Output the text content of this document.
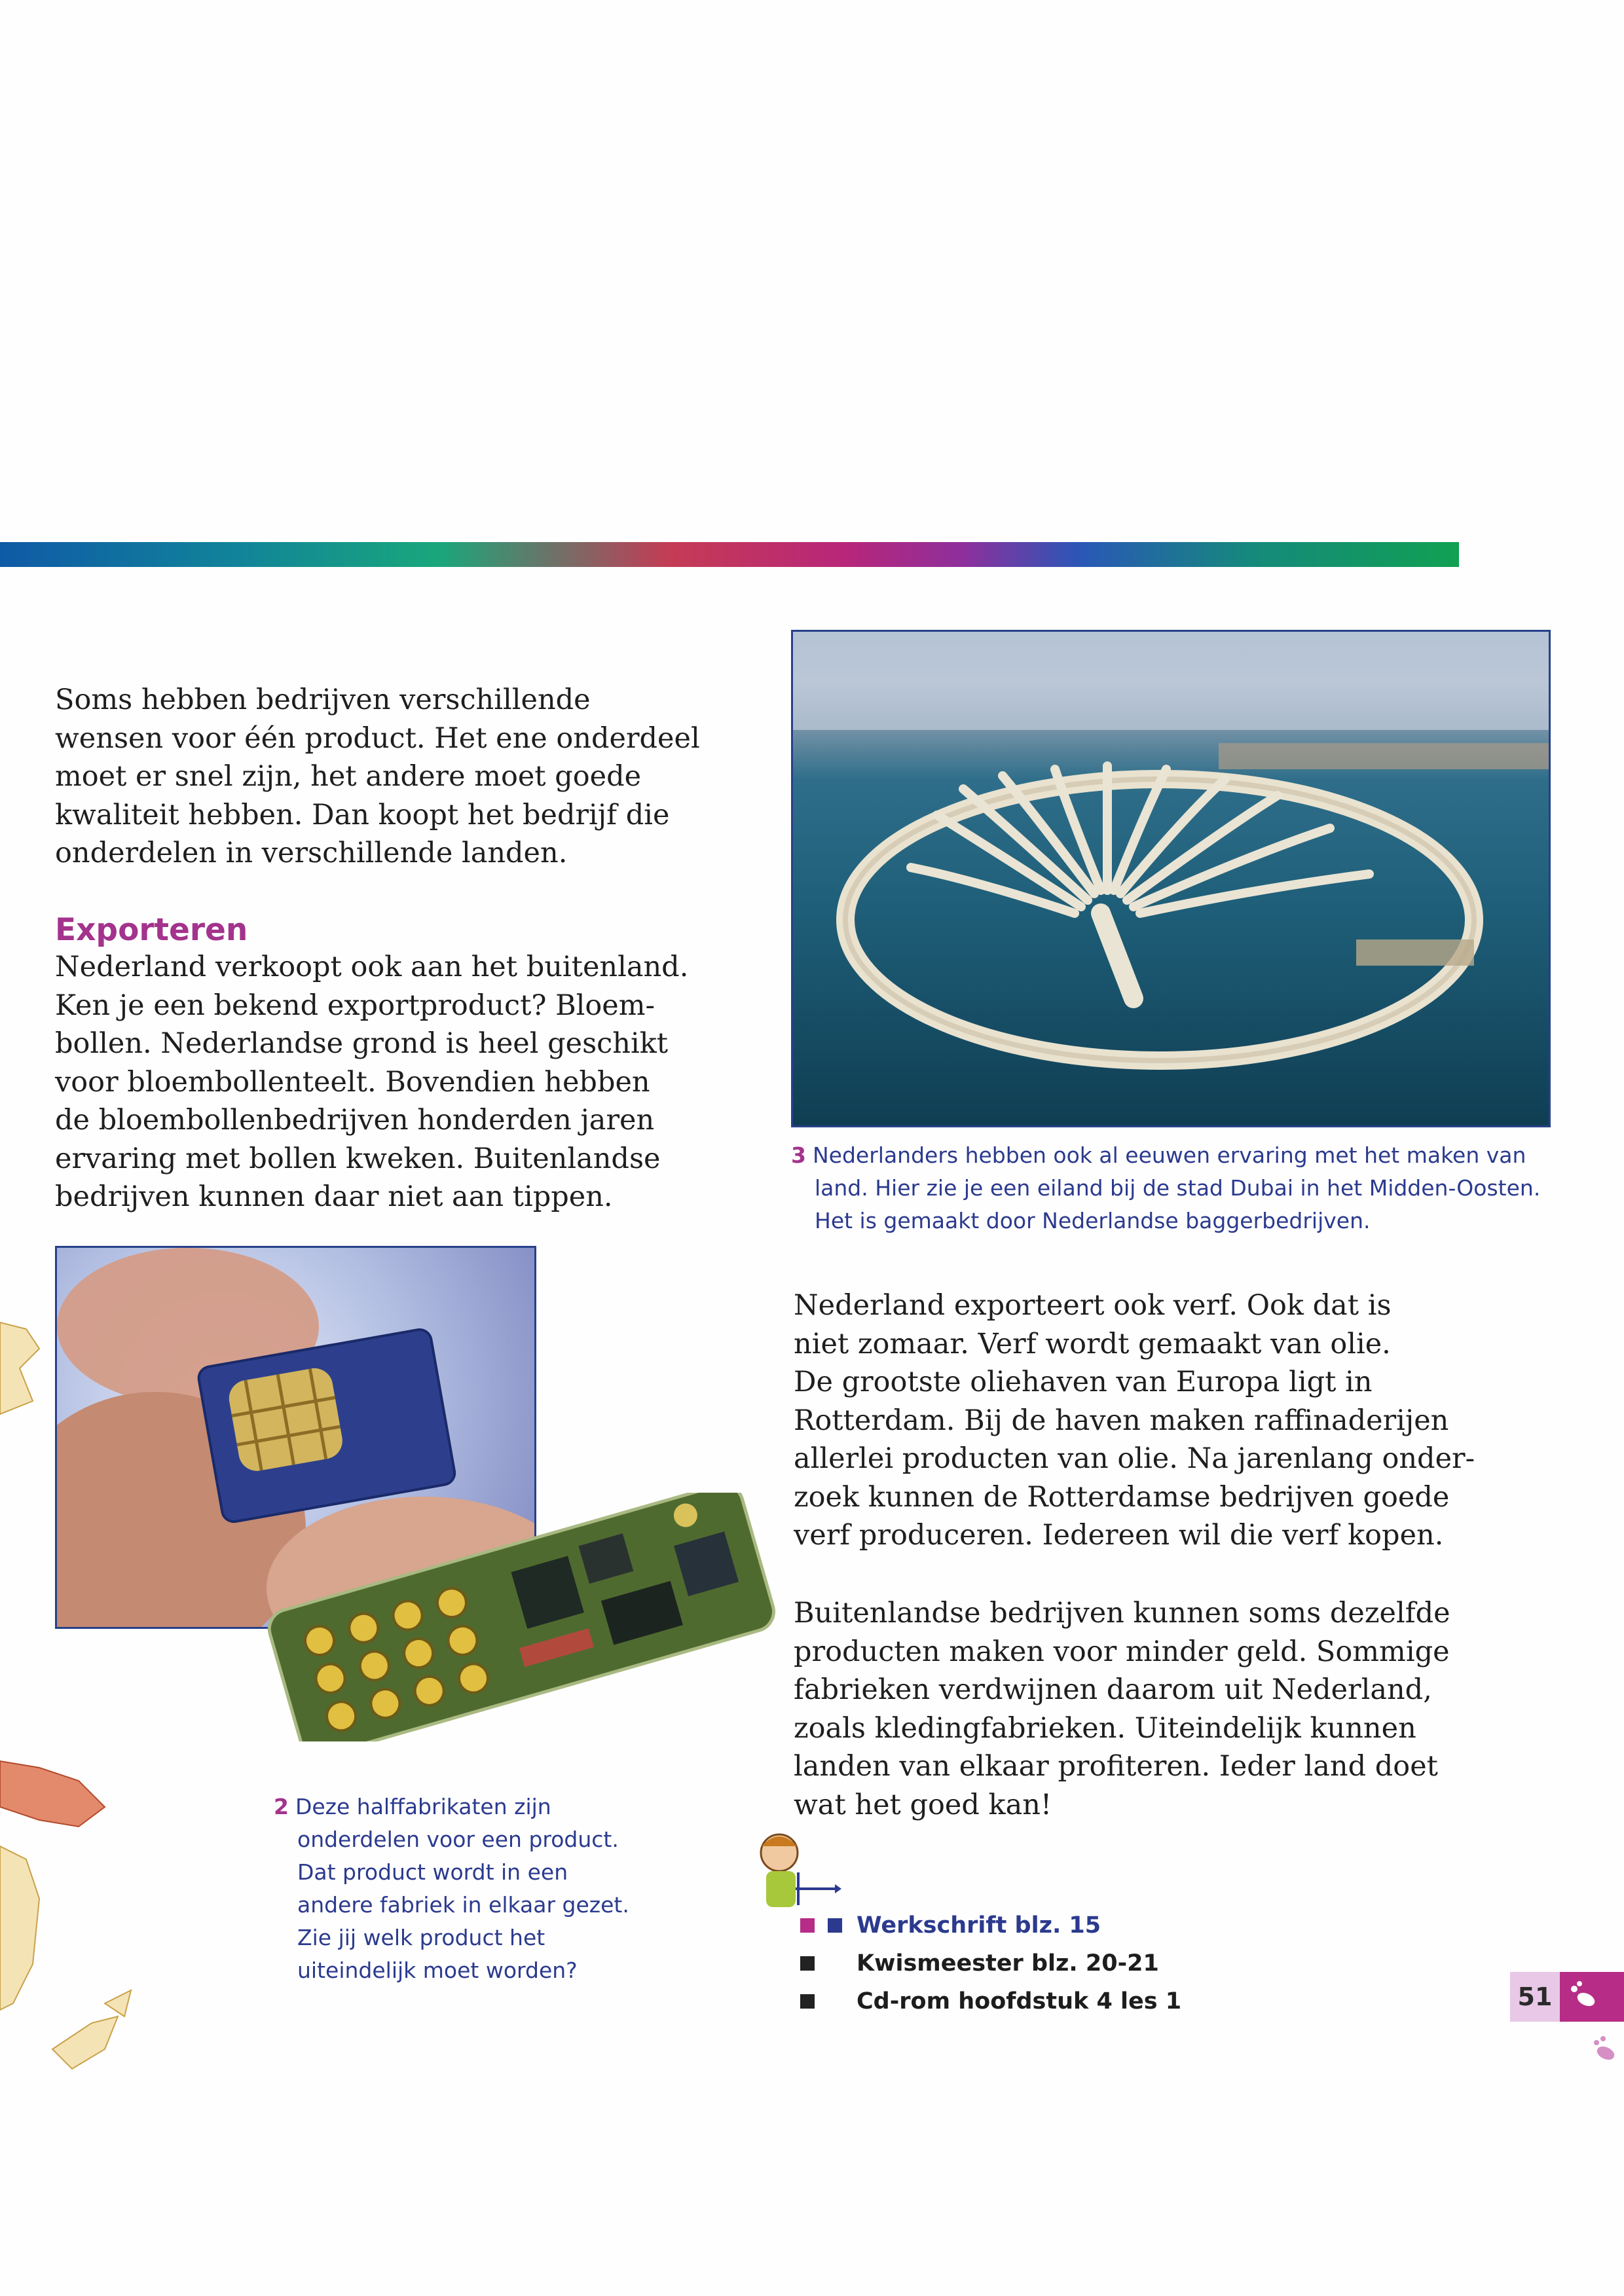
Soms hebben bedrijven verschillende

wensen voor één product. Het ene onderdeel

moet er snel zijn, het andere moet goede

kwaliteit hebben. Dan koopt het bedrijf die

onderdelen in verschillende landen.

Exporteren

Nederland verkoopt ook aan het buitenland.

Ken je een bekend exportproduct? Bloem-

bollen. Nederlandse grond is heel geschikt

voor bloembollenteelt. Bovendien hebben

de bloembollenbedrijven honderden jaren

ervaring met bollen kweken. Buitenlandse

bedrijven kunnen daar niet aan tippen.

3 Nederlanders hebben ook al eeuwen ervaring met het maken van

land. Hier zie je een eiland bij de stad Dubai in het Midden-Oosten.

Het is gemaakt door Nederlandse baggerbedrijven.

2 Deze halffabrikaten zijn

onderdelen voor een product.

Dat product wordt in een

andere fabriek in elkaar gezet.

Zie jij welk product het

uiteindelijk moet worden?

Nederland exporteert ook verf. Ook dat is

niet zomaar. Verf wordt gemaakt van olie.

De grootste oliehaven van Europa ligt in

Rotterdam. Bij de haven maken raffinaderijen

allerlei producten van olie. Na jarenlang onder-

zoek kunnen de Rotterdamse bedrijven goede

verf produceren. Iedereen wil die verf kopen.

Buitenlandse bedrijven kunnen soms dezelfde

producten maken voor minder geld. Sommige

fabrieken verdwijnen daarom uit Nederland,

zoals kledingfabrieken. Uiteindelijk kunnen

landen van elkaar profiteren. Ieder land doet

wat het goed kan!

Werkschrift blz. 15
Kwismeester blz. 20-21
Cd-rom hoofdstuk 4 les 1	51
